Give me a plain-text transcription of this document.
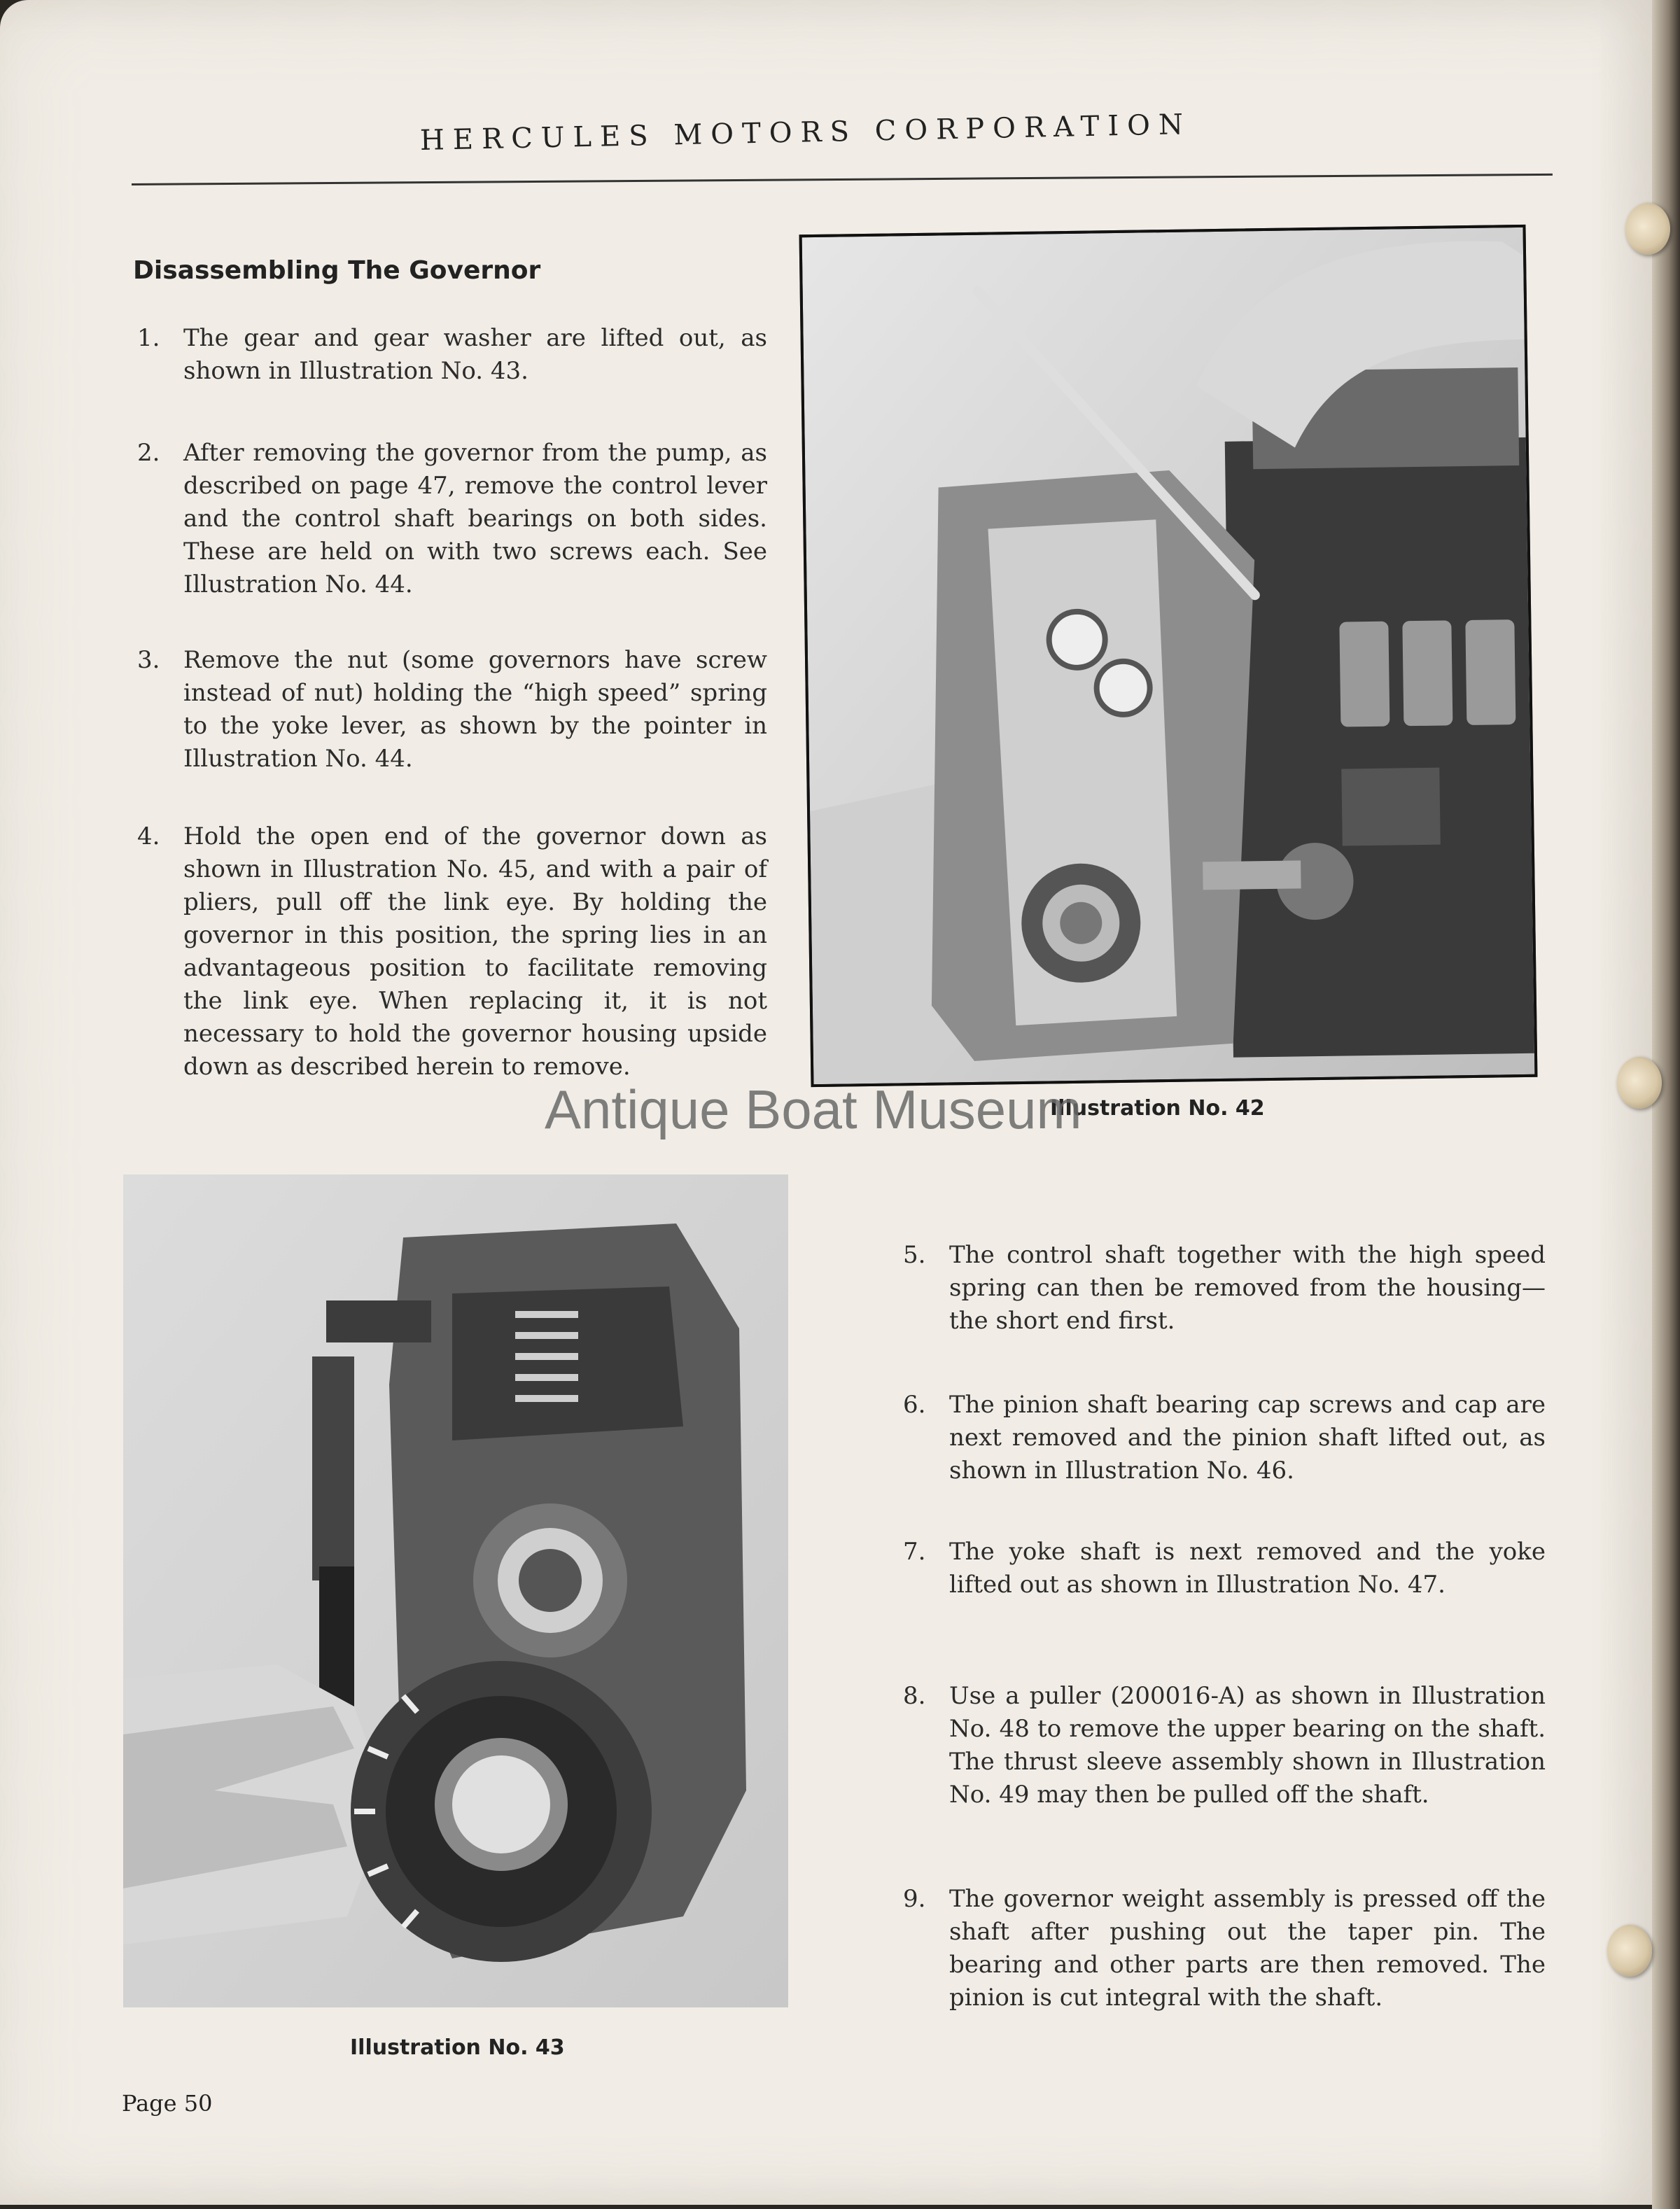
HERCULES MOTORS CORPORATION
Disassembling The Governor
1. The gear and gear washer are lifted out, as shown in Illustration No. 43.
2. After removing the governor from the pump, as described on page 47, remove the control lever and the control shaft bearings on both sides. These are held on with two screws each. See Illustration No. 44.
3. Remove the nut (some governors have screw instead of nut) holding the “high speed” spring to the yoke lever, as shown by the pointer in Illustration No. 44.
4. Hold the open end of the governor down as shown in Illustration No. 45, and with a pair of pliers, pull off the link eye. By holding the governor in this position, the spring lies in an advantageous position to facilitate removing the link eye. When replacing it, it is not necessary to hold the governor housing upside down as described herein to remove.
Illustration No. 42
Antique Boat Museum
Illustration No. 43
5. The control shaft together with the high speed spring can then be removed from the housing—the short end first.
6. The pinion shaft bearing cap screws and cap are next removed and the pinion shaft lifted out, as shown in Illustration No. 46.
7. The yoke shaft is next removed and the yoke lifted out as shown in Illustration No. 47.
8. Use a puller (200016-A) as shown in Illustration No. 48 to remove the upper bearing on the shaft. The thrust sleeve assembly shown in Illustration No. 49 may then be pulled off the shaft.
9. The governor weight assembly is pressed off the shaft after pushing out the taper pin. The bearing and other parts are then removed. The pinion is cut integral with the shaft.
Page 50
